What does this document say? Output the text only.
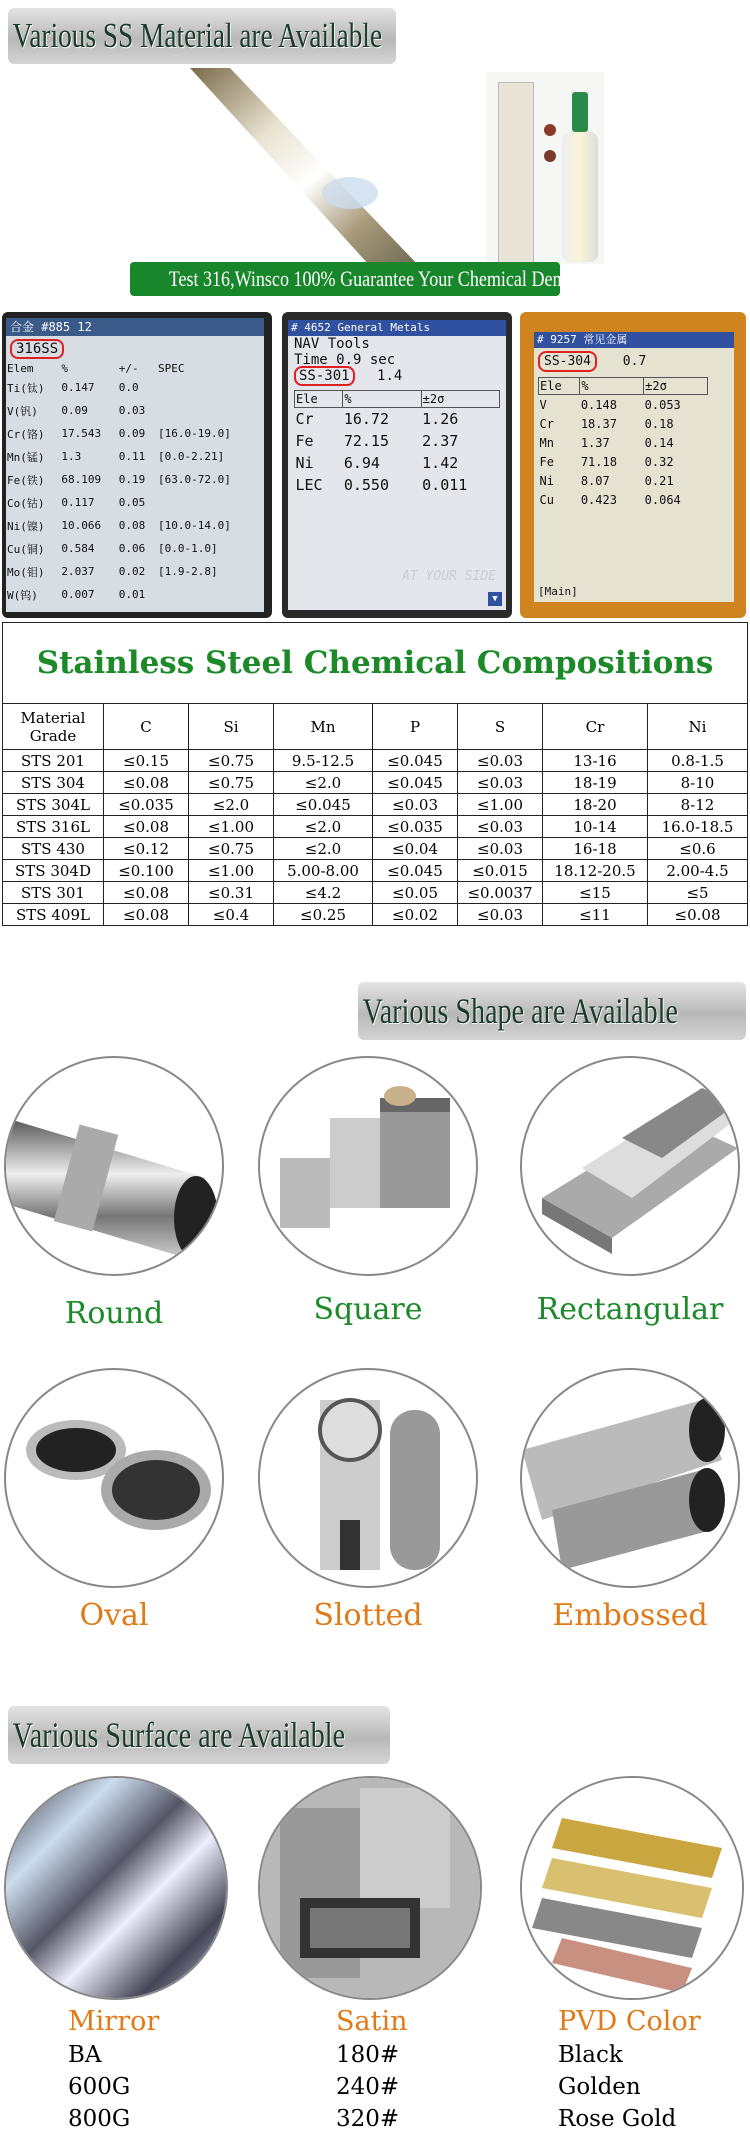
Various SS Material are Available
Test 316,Winsco 100% Guarantee Your Chemical Demand!
合金 #885 12
316SS
Elem	%	+/-	SPEC
Ti(钛)	0.147	0.0	
V(钒)	0.09	0.03	
Cr(铬)	17.543	0.09	[16.0-19.0]
Mn(锰)	1.3	0.11	[0.0-2.21]
Fe(铁)	68.109	0.19	[63.0-72.0]
Co(钴)	0.117	0.05	
Ni(镍)	10.066	0.08	[10.0-14.0]
Cu(铜)	0.584	0.06	[0.0-1.0]
Mo(钼)	2.037	0.02	[1.9-2.8]
W(钨)	0.007	0.01	
# 4652 General Metals
NAV Tools
Time 0.9 sec
SS-301 1.4
Ele	%	±2σ
Cr	16.72	1.26
Fe	72.15	2.37
Ni	6.94	1.42
LEC	0.550	0.011
AT YOUR SIDE
▼
# 9257 常见金属
SS-304 0.7
Ele	%	±2σ
V	0.148	0.053
Cr	18.37	0.18
Mn	1.37	0.14
Fe	71.18	0.32
Ni	8.07	0.21
Cu	0.423	0.064
[Main]
Stainless Steel Chemical Compositions
Material Grade	C	Si	Mn	P	S	Cr	Ni
STS 201	≤0.15	≤0.75	9.5-12.5	≤0.045	≤0.03	13-16	0.8-1.5
STS 304	≤0.08	≤0.75	≤2.0	≤0.045	≤0.03	18-19	8-10
STS 304L	≤0.035	≤2.0	≤0.045	≤0.03	≤1.00	18-20	8-12
STS 316L	≤0.08	≤1.00	≤2.0	≤0.035	≤0.03	10-14	16.0-18.5
STS 430	≤0.12	≤0.75	≤2.0	≤0.04	≤0.03	16-18	≤0.6
STS 304D	≤0.100	≤1.00	5.00-8.00	≤0.045	≤0.015	18.12-20.5	2.00-4.5
STS 301	≤0.08	≤0.31	≤4.2	≤0.05	≤0.0037	≤15	≤5
STS 409L	≤0.08	≤0.4	≤0.25	≤0.02	≤0.03	≤11	≤0.08
Various Shape are Available
Round	Square	Rectangular
Oval	Slotted	Embossed
Various Surface are Available
Mirror
BA
600G
800G
Satin
180#
240#
320#
PVD Color
Black
Golden
Rose Gold
